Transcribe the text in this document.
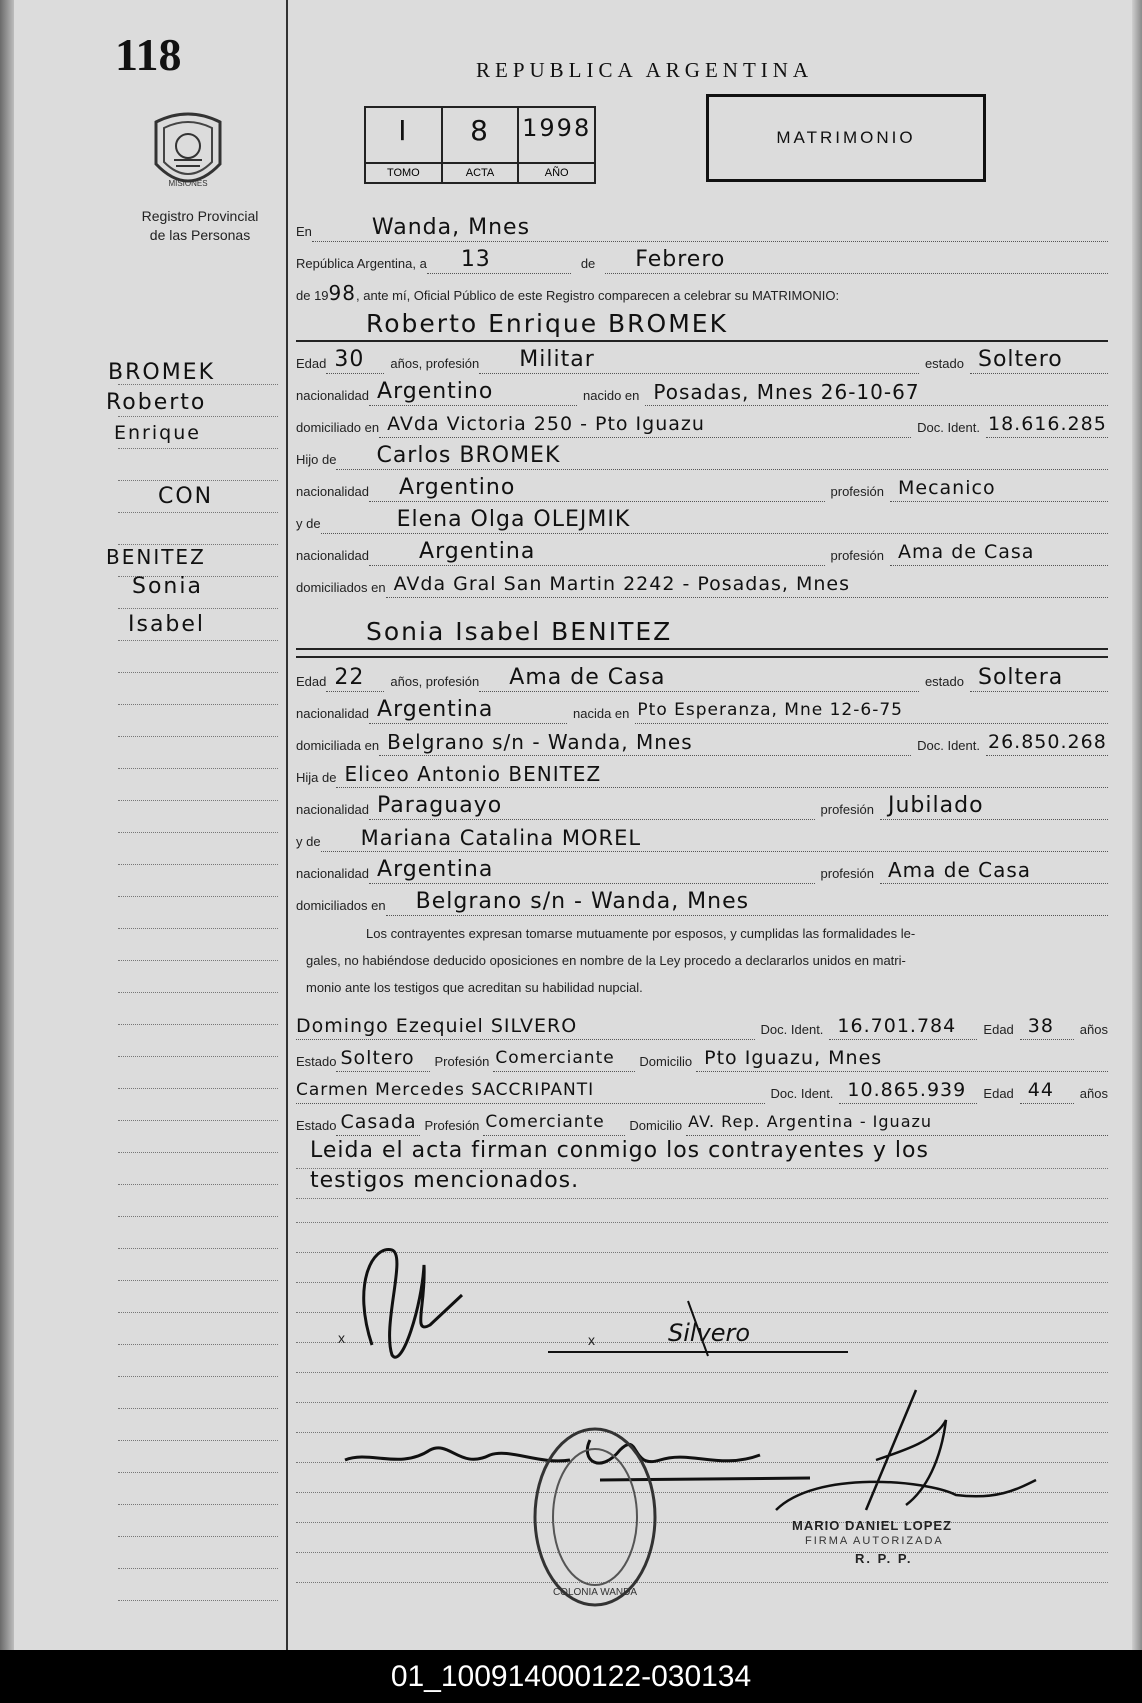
118
MISIONES
Registro Provincial
de las Personas
BROMEK
Roberto
Enrique
CON
BENITEZ
Sonia
Isabel
REPUBLICA ARGENTINA
I
TOMO
8
ACTA
1998
AÑO
MATRIMONIO
En	Wanda, Mnes
República Argentina, a	13	de	Febrero
de 19 98 , ante mí, Oficial Público de este Registro comparecen a celebrar su MATRIMONIO:
Roberto Enrique BROMEK
Edad 30	años, profesión	Militar	estado Soltero
nacionalidad Argentino	nacido en Posadas, Mnes 26-10-67
domiciliado en AVda Victoria 250 - Pto Iguazu	Doc. Ident. 18.616.285
Hijo de	Carlos BROMEK
nacionalidad	Argentino	profesión Mecanico
y de	Elena Olga OLEJMIK
nacionalidad	Argentina	profesión Ama de Casa
domiciliados en AVda Gral San Martin 2242 - Posadas, Mnes
Sonia Isabel BENITEZ
Edad 22	años, profesión	Ama de Casa	estado Soltera
nacionalidad Argentina	nacida en Pto Esperanza, Mne 12-6-75
domiciliada en Belgrano s/n - Wanda, Mnes	Doc. Ident. 26.850.268
Hija de Eliceo Antonio BENITEZ
nacionalidad Paraguayo	profesión Jubilado
y de	Mariana Catalina MOREL
nacionalidad Argentina	profesión Ama de Casa
domiciliados en	Belgrano s/n - Wanda, Mnes
Los contrayentes expresan tomarse mutuamente por esposos, y cumplidas las formalidades le-
gales, no habiéndose deducido oposiciones en nombre de la Ley procedo a declararlos unidos en matri-
monio ante los testigos que acreditan su habilidad nupcial.
Domingo Ezequiel SILVERO	Doc. Ident. 16.701.784	Edad 38	años
Estado Soltero	Profesión Comerciante	Domicilio Pto Iguazu, Mnes
Carmen Mercedes SACCRIPANTI	Doc. Ident. 10.865.939	Edad 44	años
Estado Casada Profesión Comerciante	Domicilio AV. Rep. Argentina - Iguazu
Leida el acta firman conmigo los contrayentes y los
testigos mencionados.
x	x	Silvero
COLONIA WANDA
MARIO DANIEL LOPEZ
FIRMA AUTORIZADA
R. P. P.
01_100914000122-030134
